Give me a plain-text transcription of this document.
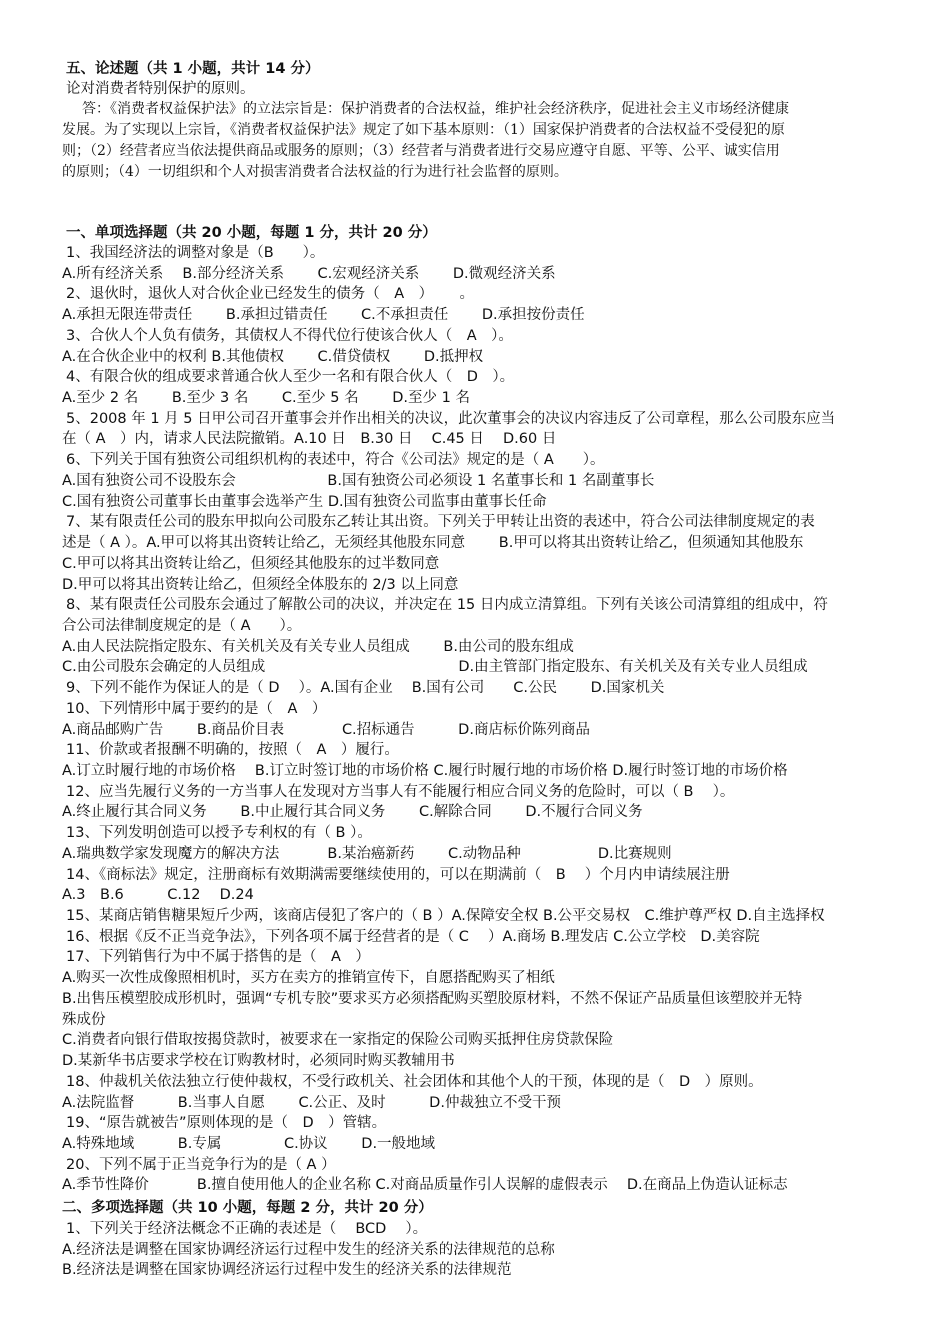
五、论述题（共 1 小题，共计 14 分）
论对消费者特别保护的原则。
答：《消费者权益保护法》的立法宗旨是：保护消费者的合法权益，维护社会经济秩序，促进社会主义市场经济健康
发展。为了实现以上宗旨，《消费者权益保护法》规定了如下基本原则：（1）国家保护消费者的合法权益不受侵犯的原
则；（2）经营者应当依法提供商品或服务的原则；（3）经营者与消费者进行交易应遵守自愿、平等、公平、诚实信用
的原则；（4）一切组织和个人对损害消费者合法权益的行为进行社会监督的原则。
一、单项选择题（共 20 小题，每题 1 分，共计 20 分）
1、我国经济法的调整对象是（B　　）。
A.所有经济关系　 B.部分经济关系　　 C.宏观经济关系　　 D.微观经济关系
2、退伙时，退伙人对合伙企业已经发生的债务（　A　）　　 。
A.承担无限连带责任　　 B.承担过错责任　　 C.不承担责任　　 D.承担按份责任
3、合伙人个人负有债务，其债权人不得代位行使该合伙人（　A　）。
A.在合伙企业中的权利 B.其他债权　　 C.借贷债权　　 D.抵押权
4、有限合伙的组成要求普通合伙人至少一名和有限合伙人（　D　）。
A.至少 2 名　　 B.至少 3 名　　 C.至少 5 名　　 D.至少 1 名
5、2008 年 1 月 5 日甲公司召开董事会并作出相关的决议，此次董事会的决议内容违反了公司章程，那么公司股东应当
在（ A　）内，请求人民法院撤销。A.10 日　B.30 日　 C.45 日　 D.60 日
6、下列关于国有独资公司组织机构的表述中，符合《公司法》规定的是（ A　　）。
A.国有独资公司不设股东会　　　　　　 B.国有独资公司必须设 1 名董事长和 1 名副董事长
C.国有独资公司董事长由董事会选举产生 D.国有独资公司监事由董事长任命
7、某有限责任公司的股东甲拟向公司股东乙转让其出资。下列关于甲转让出资的表述中，符合公司法律制度规定的表
述是（ A ）。A.甲可以将其出资转让给乙，无须经其他股东同意　　 B.甲可以将其出资转让给乙，但须通知其他股东
C.甲可以将其出资转让给乙，但须经其他股东的过半数同意
D.甲可以将其出资转让给乙，但须经全体股东的 2/3 以上同意
8、某有限责任公司股东会通过了解散公司的决议，并决定在 15 日内成立清算组。下列有关该公司清算组的组成中，符
合公司法律制度规定的是（ A　　）。
A.由人民法院指定股东、有关机关及有关专业人员组成　　 B.由公司的股东组成
C.由公司股东会确定的人员组成　　　　　　　　　　　　　 D.由主管部门指定股东、有关机关及有关专业人员组成
9、下列不能作为保证人的是（ D　 ）。A.国有企业　 B.国有公司　　C.公民　　 D.国家机关
10、下列情形中属于要约的是（　A　）
A.商品邮购广告　　 B.商品价目表　　　　C.招标通告　　　D.商店标价陈列商品
11、价款或者报酬不明确的，按照（　A　）履行。
A.订立时履行地的市场价格　 B.订立时签订地的市场价格 C.履行时履行地的市场价格 D.履行时签订地的市场价格
12、应当先履行义务的一方当事人在发现对方当事人有不能履行相应合同义务的危险时，可以（ B　 ）。
A.终止履行其合同义务　　 B.中止履行其合同义务　　 C.解除合同　　 D.不履行合同义务
13、下列发明创造可以授予专利权的有（ B ）。
A.瑞典数学家发现魔方的解决方法　　　 B.某治癌新药　　 C.动物品种　　　　　 D.比赛规则
14、《商标法》规定，注册商标有效期满需要继续使用的，可以在期满前（　B　 ）个月内申请续展注册
A.3　B.6　　　C.12　 D.24
15、某商店销售糖果短斤少两，该商店侵犯了客户的（ B ）A.保障安全权 B.公平交易权　C.维护尊严权 D.自主选择权
16、根据《反不正当竞争法》，下列各项不属于经营者的是（ C　 ）A.商场 B.理发店 C.公立学校　D.美容院
17、下列销售行为中不属于搭售的是（　A　）
A.购买一次性成像照相机时，买方在卖方的推销宣传下，自愿搭配购买了相纸
B.出售压模塑胶成形机时，强调“专机专胶”要求买方必须搭配购买塑胶原材料，不然不保证产品质量但该塑胶并无特
殊成份
C.消费者向银行借取按揭贷款时，被要求在一家指定的保险公司购买抵押住房贷款保险
D.某新华书店要求学校在订购教材时，必须同时购买教辅用书
18、仲裁机关依法独立行使仲裁权，不受行政机关、社会团体和其他个人的干预，体现的是（　D　）原则。
A.法院监督　　　B.当事人自愿　　 C.公正、及时　　　D.仲裁独立不受干预
19、“原告就被告”原则体现的是（　D　）管辖。
A.特殊地域　　　B.专属　　　　 C.协议　　 D.一般地域
20、下列不属于正当竞争行为的是（ A ）
A.季节性降价　　　 B.擅自使用他人的企业名称 C.对商品质量作引人误解的虚假表示　 D.在商品上伪造认证标志
二、多项选择题（共 10 小题，每题 2 分，共计 20 分）
1、下列关于经济法概念不正确的表述是（　 BCD　 ）。
A.经济法是调整在国家协调经济运行过程中发生的经济关系的法律规范的总称
B.经济法是调整在国家协调经济运行过程中发生的经济关系的法律规范
